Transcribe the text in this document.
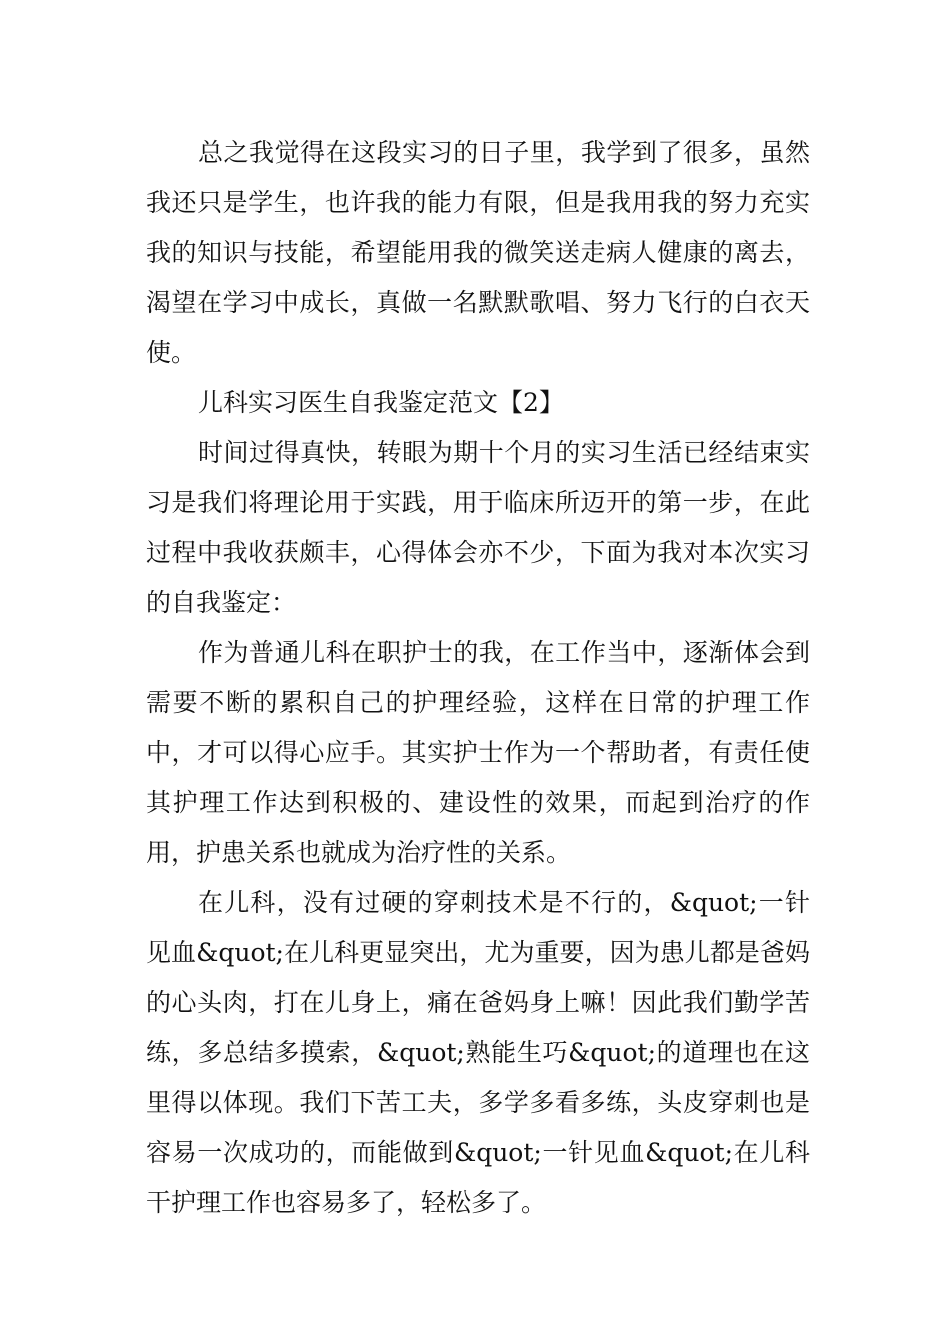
总之我觉得在这段实习的日子里，我学到了很多，虽然我还只是学生，也许我的能力有限，但是我用我的努力充实我的知识与技能，希望能用我的微笑送走病人健康的离去，渴望在学习中成长，真做一名默默歌唱、努力飞行的白衣天使。

儿科实习医生自我鉴定范文【2】

时间过得真快，转眼为期十个月的实习生活已经结束实习是我们将理论用于实践，用于临床所迈开的第一步，在此过程中我收获颇丰，心得体会亦不少，下面为我对本次实习的自我鉴定：

作为普通儿科在职护士的我，在工作当中，逐渐体会到需要不断的累积自己的护理经验，这样在日常的护理工作中，才可以得心应手。其实护士作为一个帮助者，有责任使其护理工作达到积极的、建设性的效果，而起到治疗的作用，护患关系也就成为治疗性的关系。

在儿科，没有过硬的穿刺技术是不行的，&quot;一针见血&quot;在儿科更显突出，尤为重要，因为患儿都是爸妈的心头肉，打在儿身上，痛在爸妈身上嘛！因此我们勤学苦练，多总结多摸索，&quot;熟能生巧&quot;的道理也在这里得以体现。我们下苦工夫，多学多看多练，头皮穿刺也是容易一次成功的，而能做到&quot;一针见血&quot;在儿科干护理工作也容易多了，轻松多了。
